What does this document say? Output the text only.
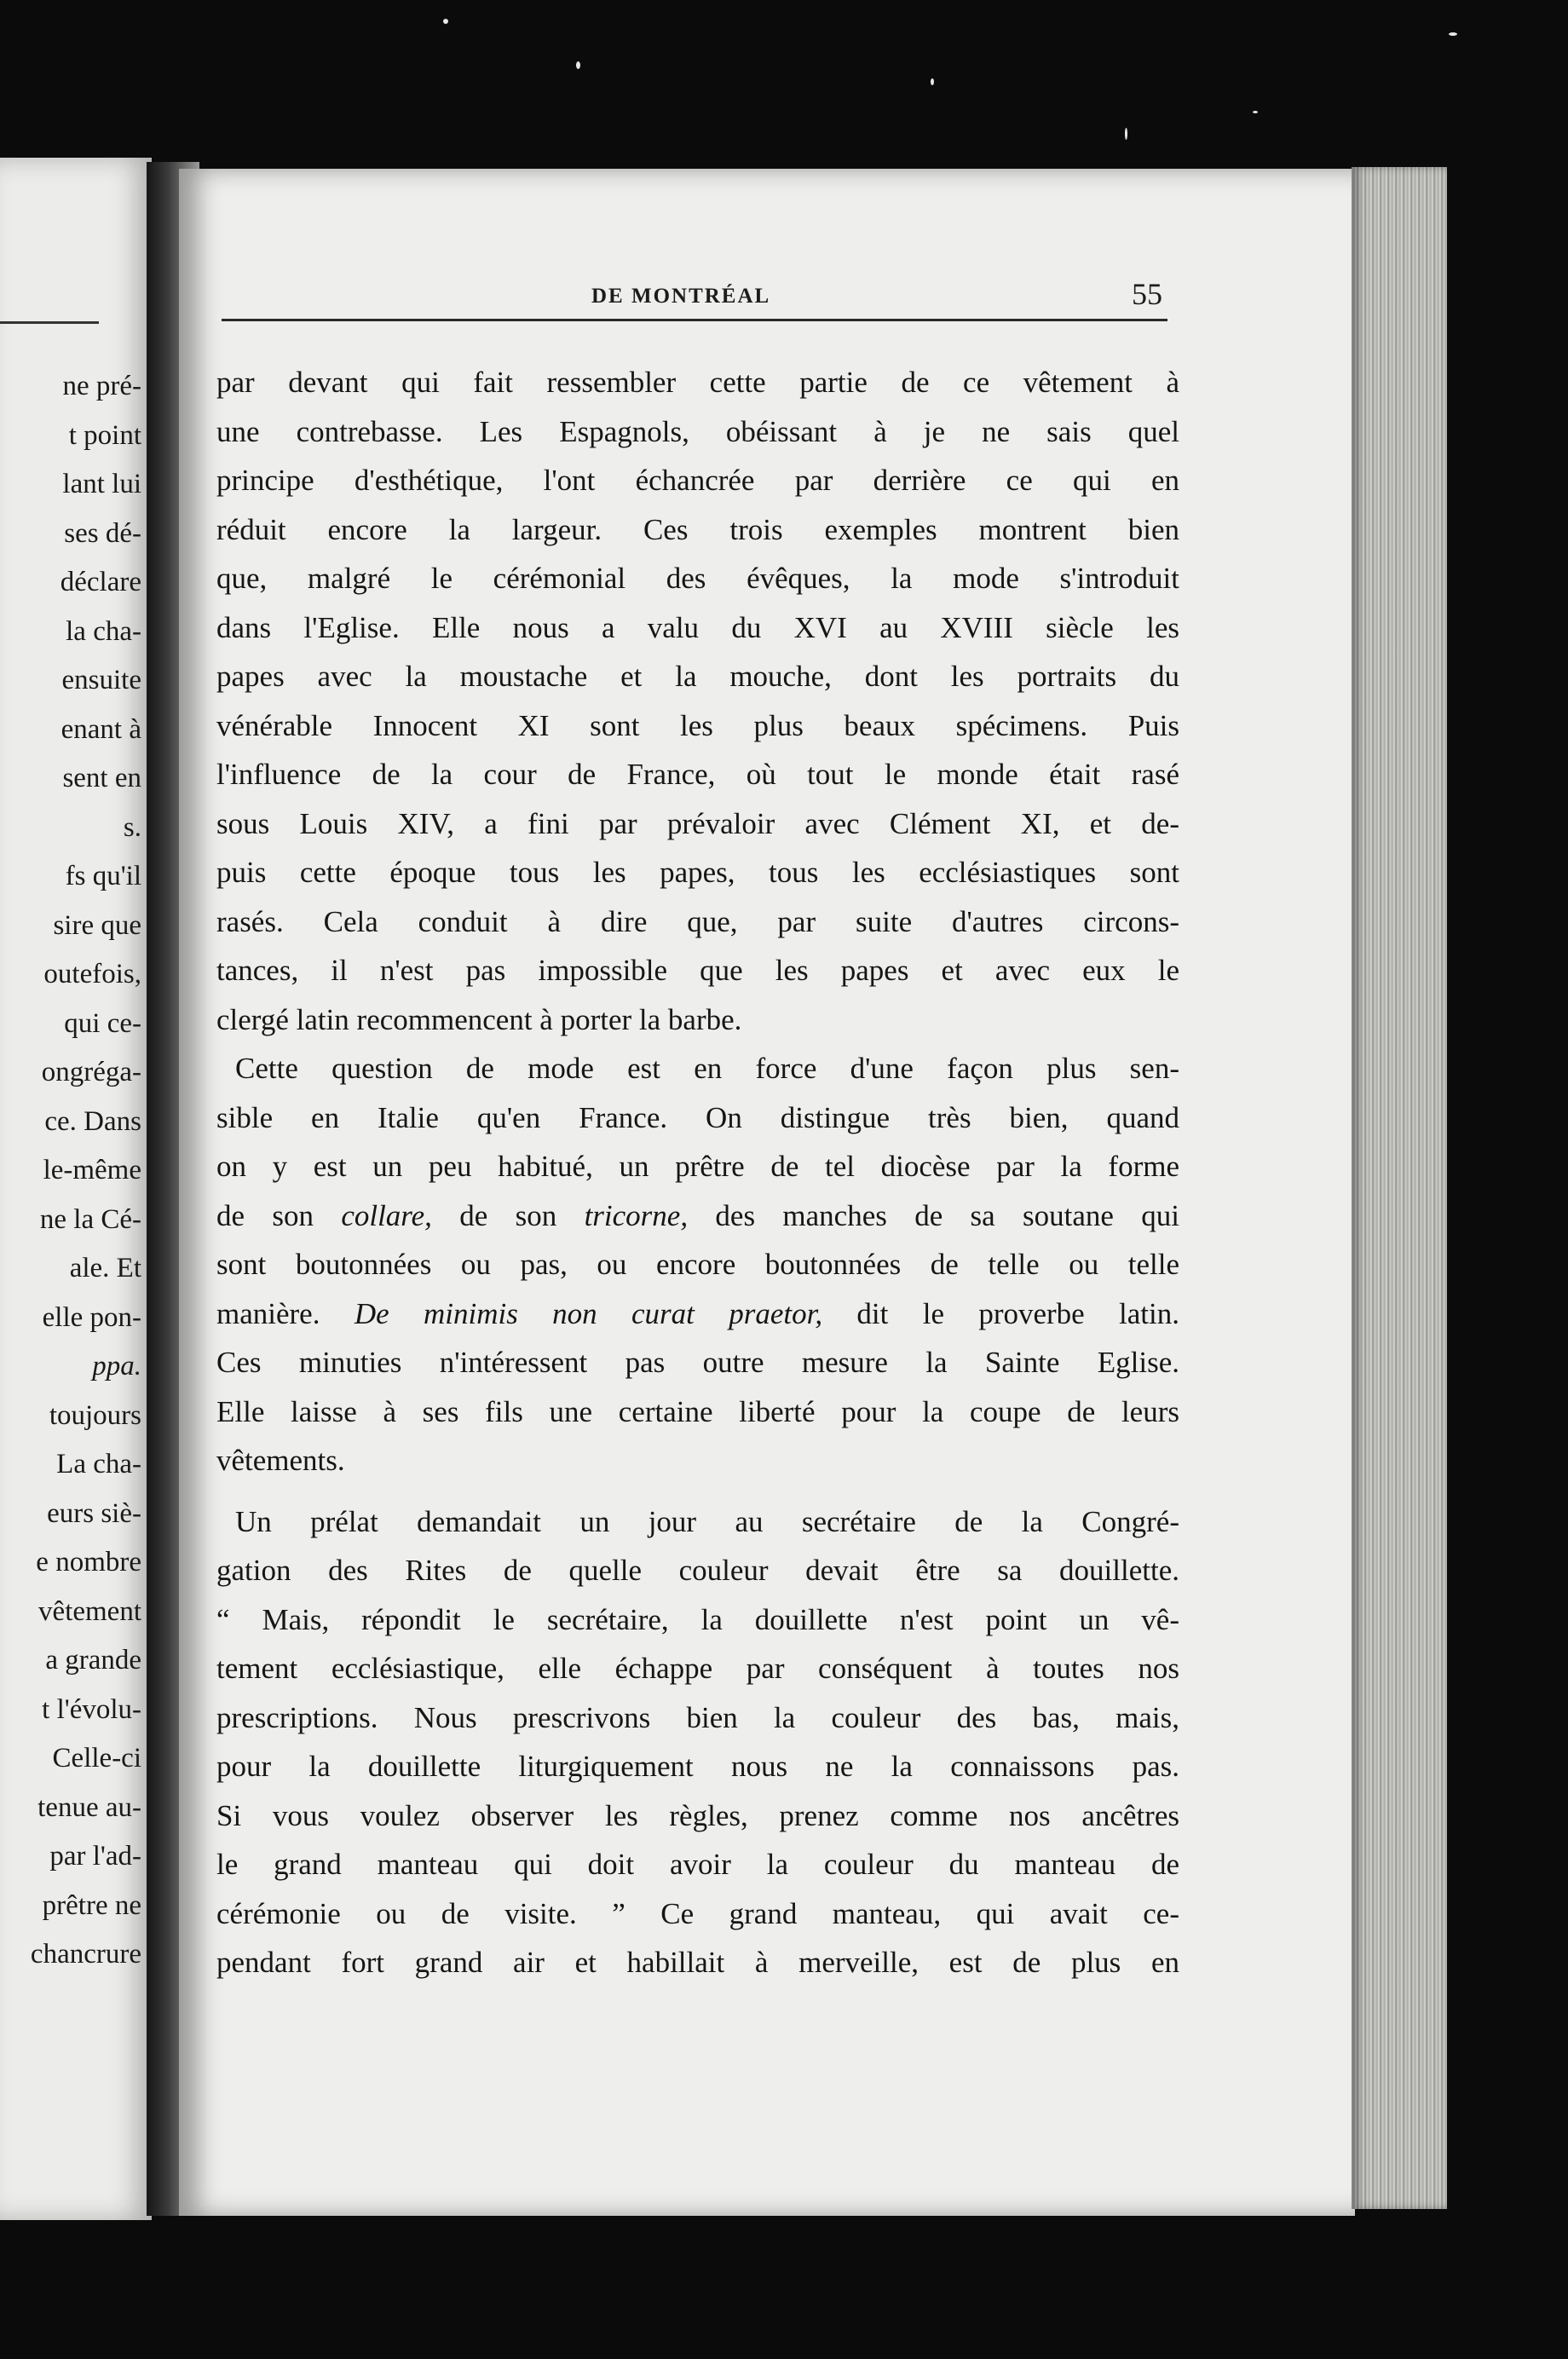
ne pré-
t point
lant lui
ses dé-
déclare
la cha-
ensuite
enant à
sent en
s.
fs qu'il
sire que
outefois,
qui ce-
ongréga-
ce. Dans
le-même
ne la Cé-
ale. Et
elle pon-
ppa.
toujours
La cha-
eurs siè-
e nombre
vêtement
a grande
t l'évolu-
Celle-ci
tenue au-
par l'ad-
prêtre ne
chancrure
DE MONTRÉAL	55
par devant qui fait ressembler cette partie de ce vêtement à
une contrebasse. Les Espagnols, obéissant à je ne sais quel
principe d'esthétique, l'ont échancrée par derrière ce qui en
réduit encore la largeur. Ces trois exemples montrent bien
que, malgré le cérémonial des évêques, la mode s'introduit
dans l'Eglise. Elle nous a valu du XVI au XVIII siècle les
papes avec la moustache et la mouche, dont les portraits du
vénérable Innocent XI sont les plus beaux spécimens. Puis
l'influence de la cour de France, où tout le monde était rasé
sous Louis XIV, a fini par prévaloir avec Clément XI, et de-
puis cette époque tous les papes, tous les ecclésiastiques sont
rasés. Cela conduit à dire que, par suite d'autres circons-
tances, il n'est pas impossible que les papes et avec eux le
clergé latin recommencent à porter la barbe.
Cette question de mode est en force d'une façon plus sen-
sible en Italie qu'en France. On distingue très bien, quand
on y est un peu habitué, un prêtre de tel diocèse par la forme
de son collare, de son tricorne, des manches de sa soutane qui
sont boutonnées ou pas, ou encore boutonnées de telle ou telle
manière. De minimis non curat praetor, dit le proverbe latin.
Ces minuties n'intéressent pas outre mesure la Sainte Eglise.
Elle laisse à ses fils une certaine liberté pour la coupe de leurs
vêtements.
Un prélat demandait un jour au secrétaire de la Congré-
gation des Rites de quelle couleur devait être sa douillette.
“ Mais, répondit le secrétaire, la douillette n'est point un vê-
tement ecclésiastique, elle échappe par conséquent à toutes nos
prescriptions. Nous prescrivons bien la couleur des bas, mais,
pour la douillette liturgiquement nous ne la connaissons pas.
Si vous voulez observer les règles, prenez comme nos ancêtres
le grand manteau qui doit avoir la couleur du manteau de
cérémonie ou de visite. ” Ce grand manteau, qui avait ce-
pendant fort grand air et habillait à merveille, est de plus en
